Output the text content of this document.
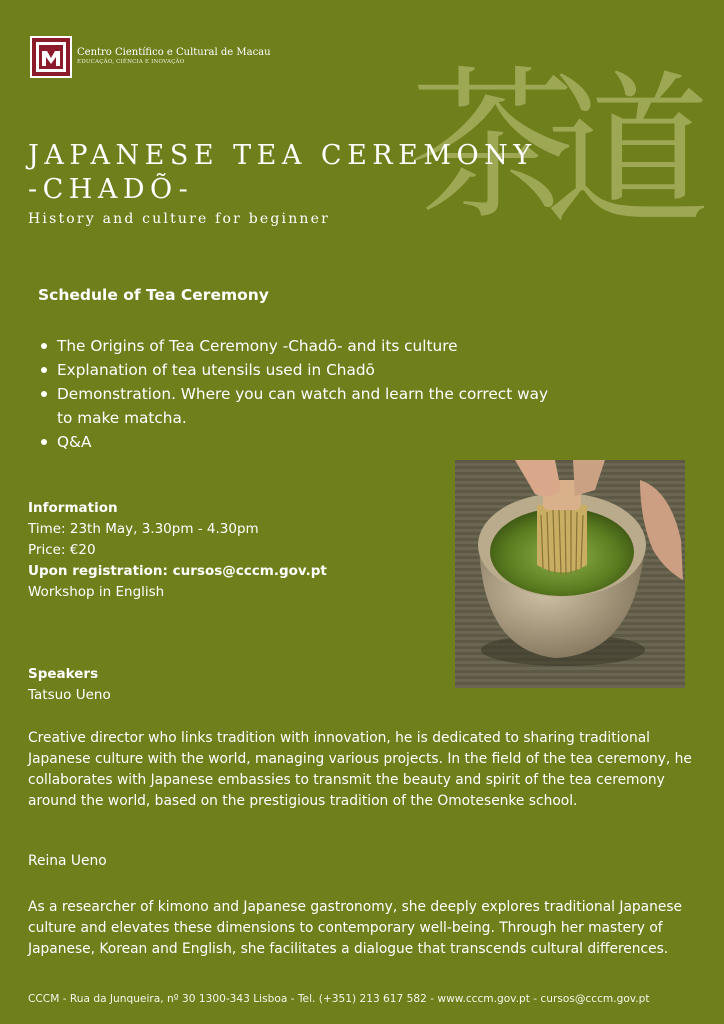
Centro Científico e Cultural de Macau
EDUCAÇÃO, CIÊNCIA E INOVAÇÃO	茶
道
JAPANESE TEA CEREMONY
-CHADÕ-
History and culture for beginner
Schedule of Tea Ceremony
The Origins of Tea Ceremony -Chadō- and its culture
Explanation of tea utensils used in Chadō
Demonstration. Where you can watch and learn the correct way to make matcha.
Q&A
Information
Time: 23th May, 3.30pm - 4.30pm
Price: €20
Upon registration: cursos@cccm.gov.pt
Workshop in English
Speakers
Tatsuo Ueno

Creative director who links tradition with innovation, he is dedicated to sharing traditional Japanese culture with the world, managing various projects. In the field of the tea ceremony, he collaborates with Japanese embassies to transmit the beauty and spirit of the tea ceremony around the world, based on the prestigious tradition of the Omotesenke school.

Reina Ueno

As a researcher of kimono and Japanese gastronomy, she deeply explores traditional Japanese culture and elevates these dimensions to contemporary well-being. Through her mastery of Japanese, Korean and English, she facilitates a dialogue that transcends cultural differences.

CCCM - Rua da Junqueira, nº 30 1300-343 Lisboa - Tel. (+351) 213 617 582 - www.cccm.gov.pt - cursos@cccm.gov.pt
